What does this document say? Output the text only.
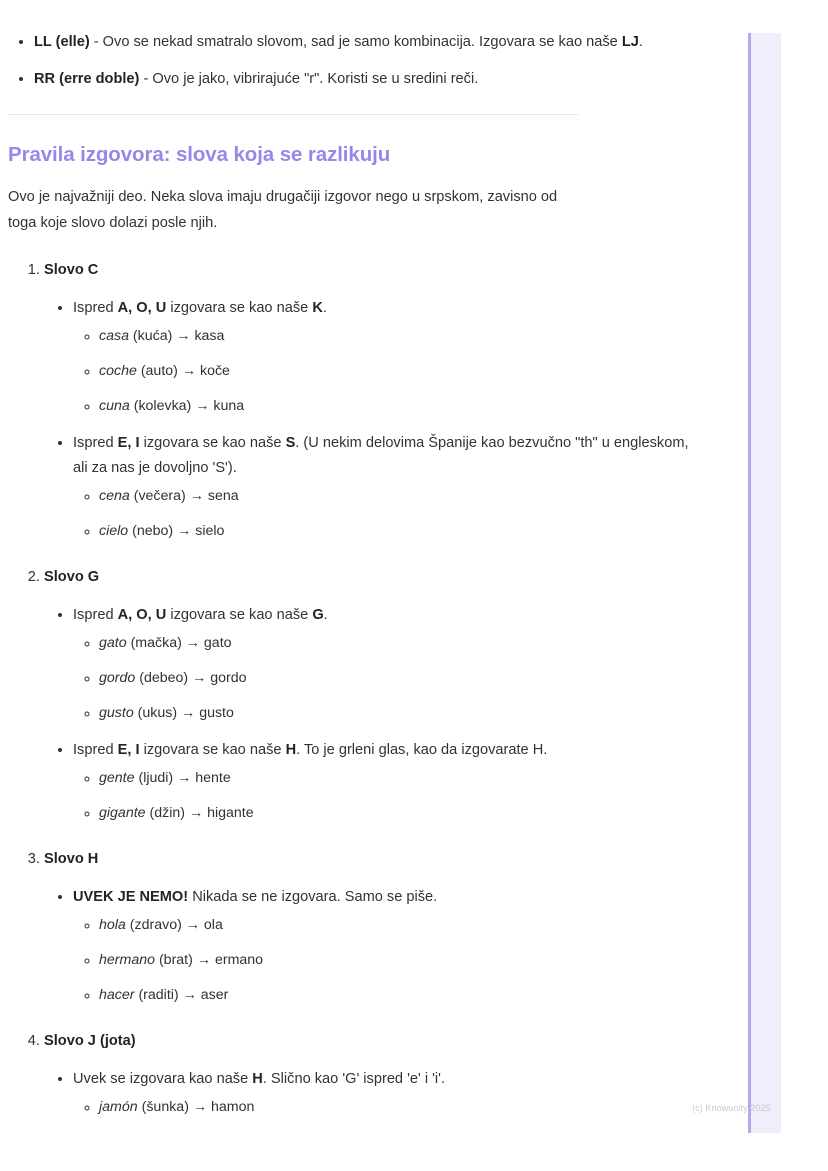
• LL (elle) - Ovo se nekad smatralo slovom, sad je samo kombinacija. Izgovara se kao naše LJ.
• RR (erre doble) - Ovo je jako, vibrirajuće "r". Koristi se u sredini reči.
Pravila izgovora: slova koja se razlikuju

Ovo je najvažniji deo. Neka slova imaju drugačiji izgovor nego u srpskom, zavisno od toga koje slovo dolazi posle njih.

1. Slovo C
• Ispred A, O, U izgovara se kao naše K.
◦ casa (kuća) → kasa
◦ coche (auto) → koče
◦ cuna (kolevka) → kuna
• Ispred E, I izgovara se kao naše S. (U nekim delovima Španije kao bezvučno "th" u engleskom, ali za nas je dovoljno 'S').
◦ cena (večera) → sena
◦ cielo (nebo) → sielo
2. Slovo G
• Ispred A, O, U izgovara se kao naše G.
◦ gato (mačka) → gato
◦ gordo (debeo) → gordo
◦ gusto (ukus) → gusto
• Ispred E, I izgovara se kao naše H. To je grleni glas, kao da izgovarate H.
◦ gente (ljudi) → hente
◦ gigante (džin) → higante
3. Slovo H
• UVEK JE NEMO! Nikada se ne izgovara. Samo se piše.
◦ hola (zdravo) → ola
◦ hermano (brat) → ermano
◦ hacer (raditi) → aser
4. Slovo J (jota)
• Uvek se izgovara kao naše H. Slično kao 'G' ispred 'e' i 'i'.
◦ jamón (šunka) → hamon	(c) Knowunity 2025
